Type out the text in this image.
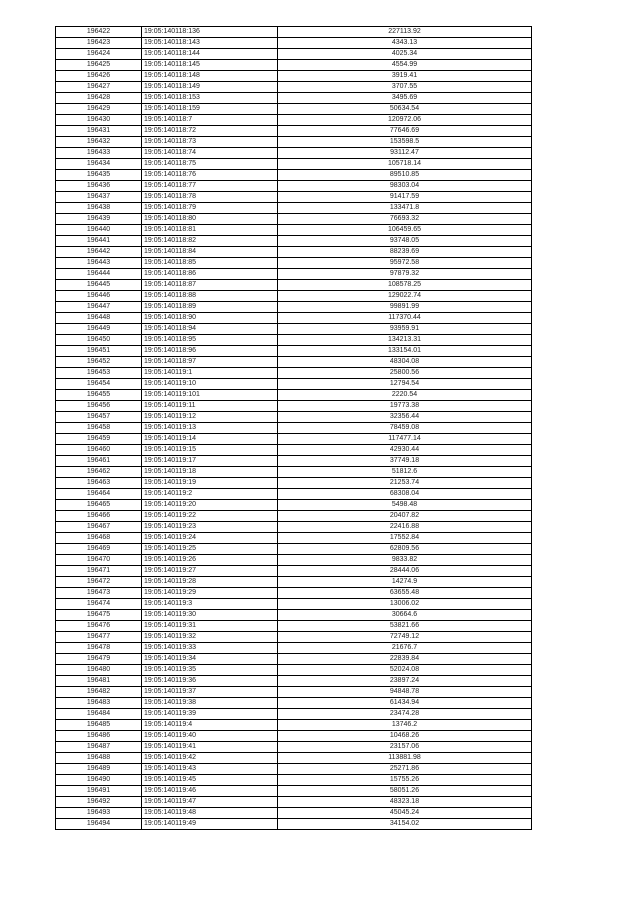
196422	19:05:140118:136	227113.92
196423	19:05:140118:143	4343.13
196424	19:05:140118:144	4025.34
196425	19:05:140118:145	4554.99
196426	19:05:140118:148	3919.41
196427	19:05:140118:149	3707.55
196428	19:05:140118:153	3495.69
196429	19:05:140118:159	50634.54
196430	19:05:140118:7	120972.06
196431	19:05:140118:72	77646.69
196432	19:05:140118:73	153598.5
196433	19:05:140118:74	93112.47
196434	19:05:140118:75	105718.14
196435	19:05:140118:76	89510.85
196436	19:05:140118:77	98303.04
196437	19:05:140118:78	91417.59
196438	19:05:140118:79	133471.8
196439	19:05:140118:80	76693.32
196440	19:05:140118:81	106459.65
196441	19:05:140118:82	93748.05
196442	19:05:140118:84	88239.69
196443	19:05:140118:85	95972.58
196444	19:05:140118:86	97879.32
196445	19:05:140118:87	108578.25
196446	19:05:140118:88	129022.74
196447	19:05:140118:89	99891.99
196448	19:05:140118:90	117370.44
196449	19:05:140118:94	93959.91
196450	19:05:140118:95	134213.31
196451	19:05:140118:96	133154.01
196452	19:05:140118:97	48304.08
196453	19:05:140119:1	25800.56
196454	19:05:140119:10	12794.54
196455	19:05:140119:101	2220.54
196456	19:05:140119:11	19773.38
196457	19:05:140119:12	32356.44
196458	19:05:140119:13	78459.08
196459	19:05:140119:14	117477.14
196460	19:05:140119:15	42930.44
196461	19:05:140119:17	37749.18
196462	19:05:140119:18	51812.6
196463	19:05:140119:19	21253.74
196464	19:05:140119:2	68308.04
196465	19:05:140119:20	5498.48
196466	19:05:140119:22	20407.82
196467	19:05:140119:23	22416.88
196468	19:05:140119:24	17552.84
196469	19:05:140119:25	62809.56
196470	19:05:140119:26	9833.82
196471	19:05:140119:27	28444.06
196472	19:05:140119:28	14274.9
196473	19:05:140119:29	63655.48
196474	19:05:140119:3	13006.02
196475	19:05:140119:30	30664.6
196476	19:05:140119:31	53821.66
196477	19:05:140119:32	72749.12
196478	19:05:140119:33	21676.7
196479	19:05:140119:34	22839.84
196480	19:05:140119:35	52024.08
196481	19:05:140119:36	23897.24
196482	19:05:140119:37	94848.78
196483	19:05:140119:38	61434.94
196484	19:05:140119:39	23474.28
196485	19:05:140119:4	13746.2
196486	19:05:140119:40	10468.26
196487	19:05:140119:41	23157.06
196488	19:05:140119:42	113881.98
196489	19:05:140119:43	25271.86
196490	19:05:140119:45	15755.26
196491	19:05:140119:46	58051.26
196492	19:05:140119:47	48323.18
196493	19:05:140119:48	45045.24
196494	19:05:140119:49	34154.02
